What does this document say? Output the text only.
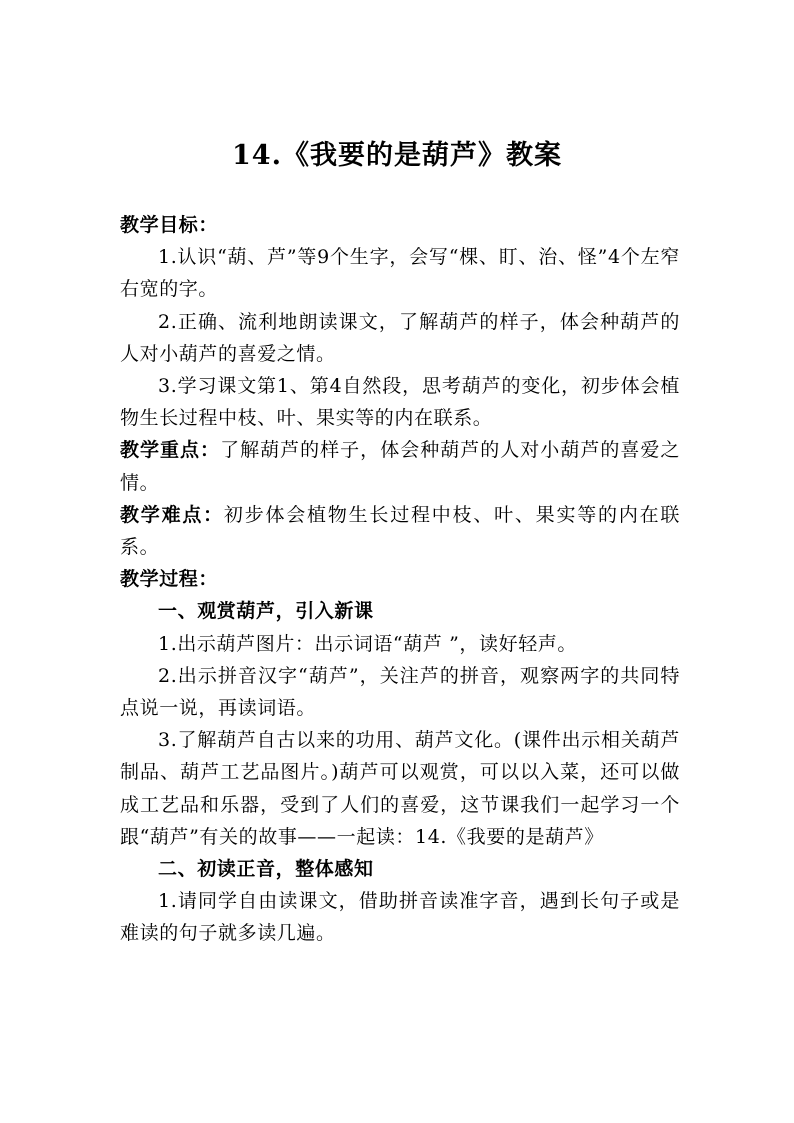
14.《我要的是葫芦》教案

教学目标：

1.认识“葫、芦”等9个生字，会写“棵、盯、治、怪”4个左窄右宽的字。

2.正确、流利地朗读课文，了解葫芦的样子，体会种葫芦的人对小葫芦的喜爱之情。

3.学习课文第1、第4自然段，思考葫芦的变化，初步体会植物生长过程中枝、叶、果实等的内在联系。

教学重点：了解葫芦的样子，体会种葫芦的人对小葫芦的喜爱之情。

教学难点：初步体会植物生长过程中枝、叶、果实等的内在联系。

教学过程：

一、观赏葫芦，引入新课

1.出示葫芦图片：出示词语“葫芦 ”，读好轻声。

2.出示拼音汉字“葫芦”，关注芦的拼音，观察两字的共同特点说一说，再读词语。

3.了解葫芦自古以来的功用、葫芦文化。(课件出示相关葫芦制品、葫芦工艺品图片。)葫芦可以观赏，可以以入菜，还可以做成工艺品和乐器，受到了人们的喜爱，这节课我们一起学习一个跟“葫芦”有关的故事——一起读：14.《我要的是葫芦》

二、初读正音，整体感知

1.请同学自由读课文，借助拼音读准字音，遇到长句子或是难读的句子就多读几遍。
